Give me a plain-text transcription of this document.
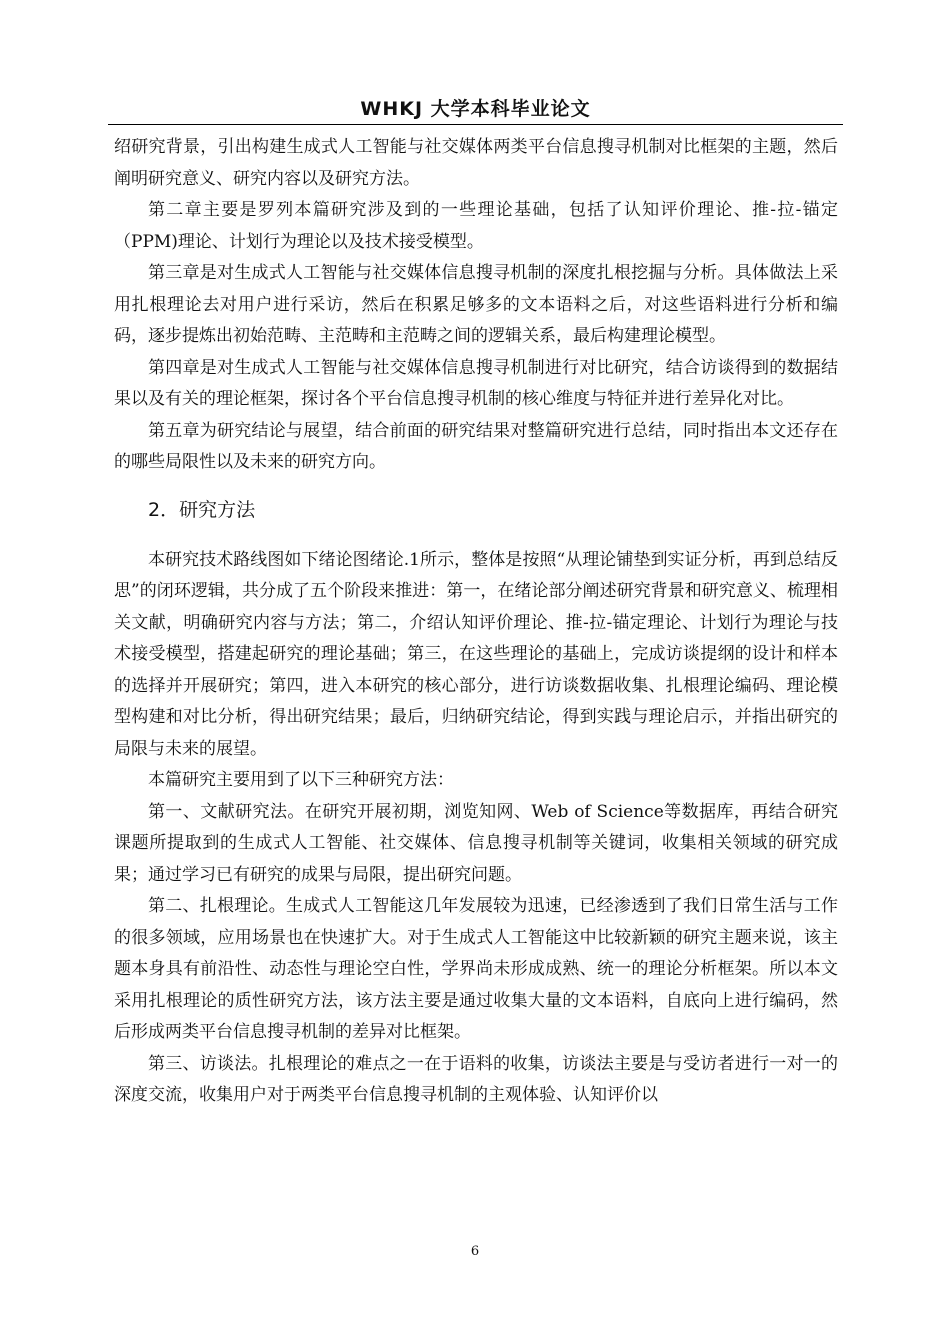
WHKJ 大学本科毕业论文

绍研究背景，引出构建生成式人工智能与社交媒体两类平台信息搜寻机制对比框架的主题，然后阐明研究意义、研究内容以及研究方法。

第二章主要是罗列本篇研究涉及到的一些理论基础，包括了认知评价理论、推-拉-锚定（PPM)理论、计划行为理论以及技术接受模型。

第三章是对生成式人工智能与社交媒体信息搜寻机制的深度扎根挖掘与分析。具体做法上采用扎根理论去对用户进行采访，然后在积累足够多的文本语料之后，对这些语料进行分析和编码，逐步提炼出初始范畴、主范畴和主范畴之间的逻辑关系，最后构建理论模型。

第四章是对生成式人工智能与社交媒体信息搜寻机制进行对比研究，结合访谈得到的数据结果以及有关的理论框架，探讨各个平台信息搜寻机制的核心维度与特征并进行差异化对比。

第五章为研究结论与展望，结合前面的研究结果对整篇研究进行总结，同时指出本文还存在的哪些局限性以及未来的研究方向。

2．研究方法

本研究技术路线图如下绪论图绪论.1所示，整体是按照“从理论铺垫到实证分析，再到总结反思”的闭环逻辑，共分成了五个阶段来推进：第一，在绪论部分阐述研究背景和研究意义、梳理相关文献，明确研究内容与方法；第二，介绍认知评价理论、推-拉-锚定理论、计划行为理论与技术接受模型，搭建起研究的理论基础；第三，在这些理论的基础上，完成访谈提纲的设计和样本的选择并开展研究；第四，进入本研究的核心部分，进行访谈数据收集、扎根理论编码、理论模型构建和对比分析，得出研究结果；最后，归纳研究结论，得到实践与理论启示，并指出研究的局限与未来的展望。

本篇研究主要用到了以下三种研究方法：

第一、文献研究法。在研究开展初期，浏览知网、Web of Science等数据库，再结合研究课题所提取到的生成式人工智能、社交媒体、信息搜寻机制等关键词，收集相关领域的研究成果；通过学习已有研究的成果与局限，提出研究问题。

第二、扎根理论。生成式人工智能这几年发展较为迅速，已经渗透到了我们日常生活与工作的很多领域，应用场景也在快速扩大。对于生成式人工智能这中比较新颖的研究主题来说，该主题本身具有前沿性、动态性与理论空白性，学界尚未形成成熟、统一的理论分析框架。所以本文采用扎根理论的质性研究方法，该方法主要是通过收集大量的文本语料，自底向上进行编码，然后形成两类平台信息搜寻机制的差异对比框架。

第三、访谈法。扎根理论的难点之一在于语料的收集，访谈法主要是与受访者进行一对一的深度交流，收集用户对于两类平台信息搜寻机制的主观体验、认知评价以

6
